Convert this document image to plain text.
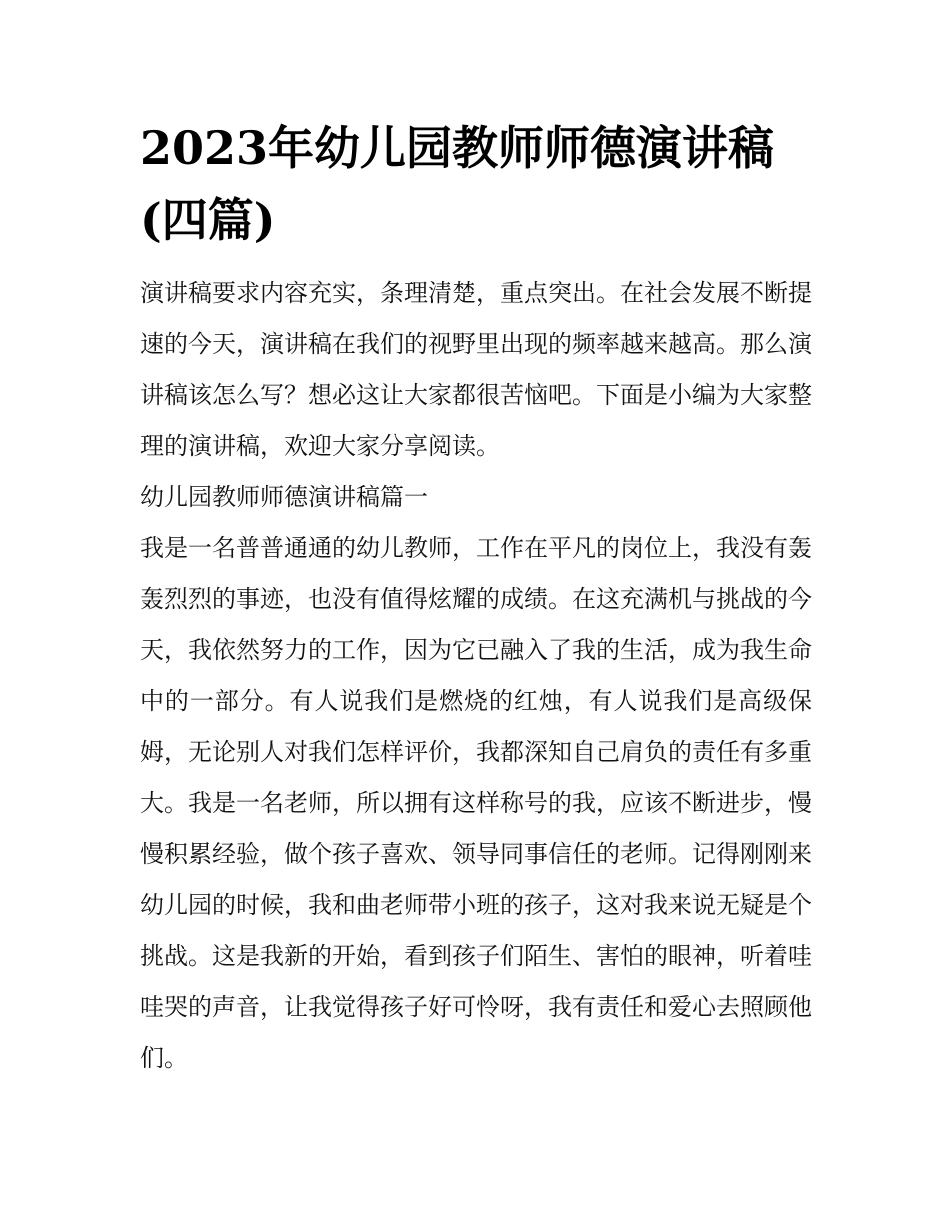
2023年幼儿园教师师德演讲稿(四篇)

演讲稿要求内容充实，条理清楚，重点突出。在社会发展不断提速的今天，演讲稿在我们的视野里出现的频率越来越高。那么演讲稿该怎么写？想必这让大家都很苦恼吧。下面是小编为大家整理的演讲稿，欢迎大家分享阅读。

幼儿园教师师德演讲稿篇一

我是一名普普通通的幼儿教师，工作在平凡的岗位上，我没有轰轰烈烈的事迹，也没有值得炫耀的成绩。在这充满机与挑战的今天，我依然努力的工作，因为它已融入了我的生活，成为我生命中的一部分。有人说我们是燃烧的红烛，有人说我们是高级保姆，无论别人对我们怎样评价，我都深知自己肩负的责任有多重大。我是一名老师，所以拥有这样称号的我，应该不断进步，慢慢积累经验，做个孩子喜欢、领导同事信任的老师。记得刚刚来幼儿园的时候，我和曲老师带小班的孩子，这对我来说无疑是个挑战。这是我新的开始，看到孩子们陌生、害怕的眼神，听着哇哇哭的声音，让我觉得孩子好可怜呀，我有责任和爱心去照顾他们。
